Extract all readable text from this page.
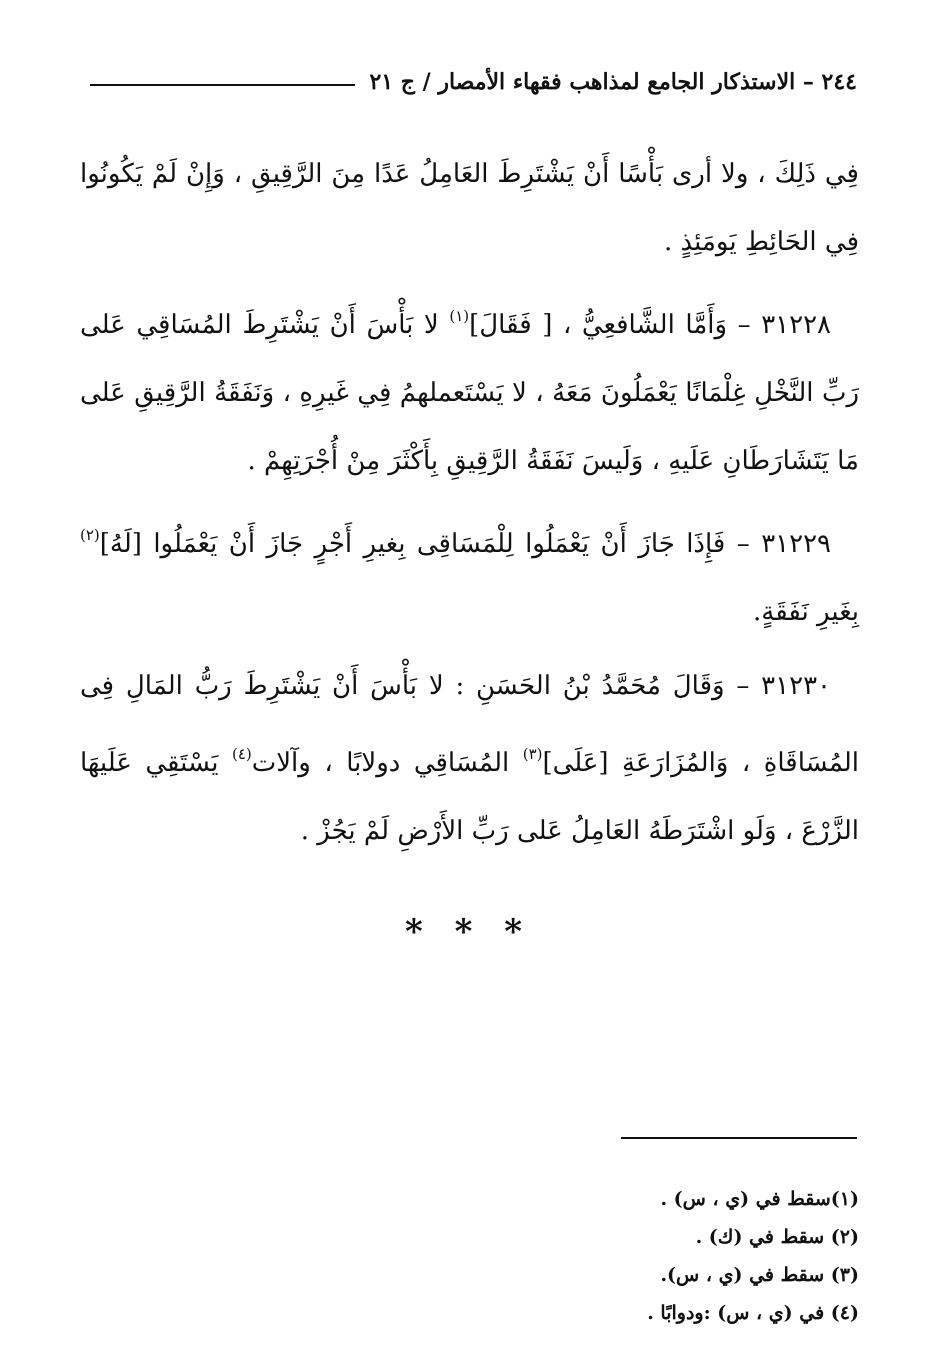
٢٤٤ – الاستذكار الجامع لمذاهب فقهاء الأمصار / ج ٢١

فِي ذَلِكَ ، ولا أرى بَأْسًا أَنْ يَشْتَرِطَ العَامِلُ عَدًا مِنَ الرَّقِيقِ ، وَإِنْ لَمْ يَكُونُوا فِي الحَائِطِ يَومَئِذٍ .

٣١٢٢٨ – وَأَمَّا الشَّافعِيُّ ، [ فَقَالَ]$^{(١)}$ لا بَأْسَ أَنْ يَشْتَرِطَ المُسَاقِي عَلى رَبِّ النَّخْلِ غِلْمَانًا يَعْمَلُونَ مَعَهُ ، لا يَسْتَعملهمُ فِي غَيرِهِ ، وَنَفَقَةُ الرَّقِيقِ عَلى مَا يَتَشَارَطَانِ عَلَيهِ ، وَلَيسَ نَفَقَةُ الرَّقِيقِ بِأَكْثَرَ مِنْ أُجْرَتِهِمْ .

٣١٢٢٩ – فَإِذَا جَازَ أَنْ يَعْمَلُوا لِلْمَسَاقِى بِغيرِ أَجْرٍ جَازَ أَنْ يَعْمَلُوا [لَهُ]$^{(٢)}$ بِغَيرِ نَفَقَةٍ.

٣١٢٣٠ – وَقَالَ مُحَمَّدُ بْنُ الحَسَنِ : لا بَأْسَ أَنْ يَشْتَرِطَ رَبُّ المَالِ فِى المُسَاقَاةِ ، وَالمُزَارَعَةِ [عَلَى]$^{(٣)}$ المُسَاقِي دولابًا ، وآلات$^{(٤)}$ يَسْتَقِي عَلَيهَا الزَّرْعَ ، وَلَو اشْتَرَطَهُ العَامِلُ عَلى رَبِّ الأَرْضِ لَمْ يَجُزْ .

* * *
(١)سقط في (ي ، س) .
(٢) سقط في (ك) .
(٣) سقط في (ي ، س).
(٤) في (ي ، س) :ودوابًا .
